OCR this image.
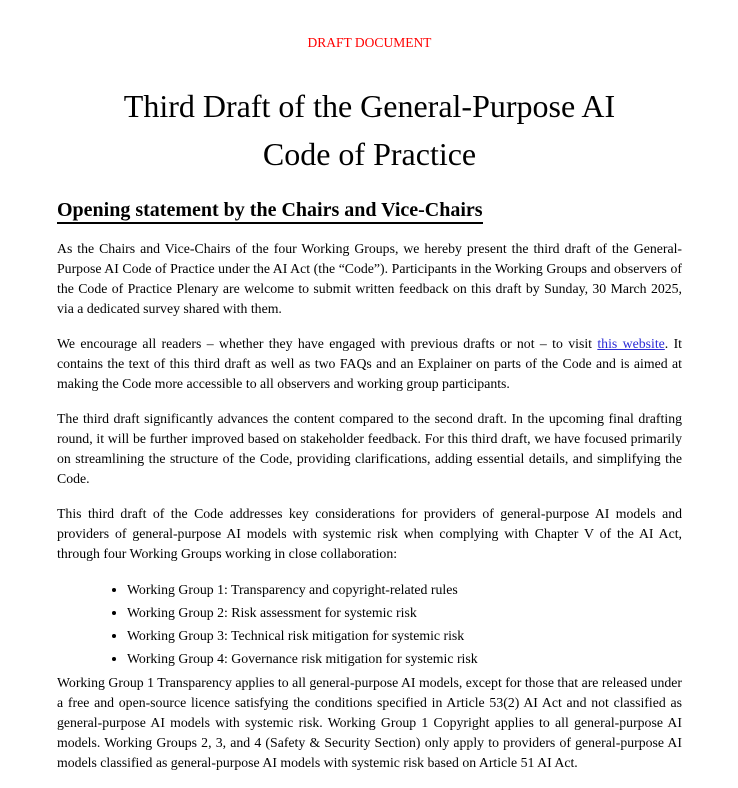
DRAFT DOCUMENT
Third Draft of the General-Purpose AI
Code of Practice
Opening statement by the Chairs and Vice-Chairs

As the Chairs and Vice-Chairs of the four Working Groups, we hereby present the third draft of the General-Purpose AI Code of Practice under the AI Act (the “Code”). Participants in the Working Groups and observers of the Code of Practice Plenary are welcome to submit written feedback on this draft by Sunday, 30 March 2025, via a dedicated survey shared with them.

We encourage all readers – whether they have engaged with previous drafts or not – to visit this website. It contains the text of this third draft as well as two FAQs and an Explainer on parts of the Code and is aimed at making the Code more accessible to all observers and working group participants.

The third draft significantly advances the content compared to the second draft. In the upcoming final drafting round, it will be further improved based on stakeholder feedback. For this third draft, we have focused primarily on streamlining the structure of the Code, providing clarifications, adding essential details, and simplifying the Code.

This third draft of the Code addresses key considerations for providers of general-purpose AI models and providers of general-purpose AI models with systemic risk when complying with Chapter V of the AI Act, through four Working Groups working in close collaboration:

• Working Group 1: Transparency and copyright-related rules
• Working Group 2: Risk assessment for systemic risk
• Working Group 3: Technical risk mitigation for systemic risk
• Working Group 4: Governance risk mitigation for systemic risk

Working Group 1 Transparency applies to all general-purpose AI models, except for those that are released under a free and open-source licence satisfying the conditions specified in Article 53(2) AI Act and not classified as general-purpose AI models with systemic risk. Working Group 1 Copyright applies to all general-purpose AI models. Working Groups 2, 3, and 4 (Safety & Security Section) only apply to providers of general-purpose AI models classified as general-purpose AI models with systemic risk based on Article 51 AI Act.
